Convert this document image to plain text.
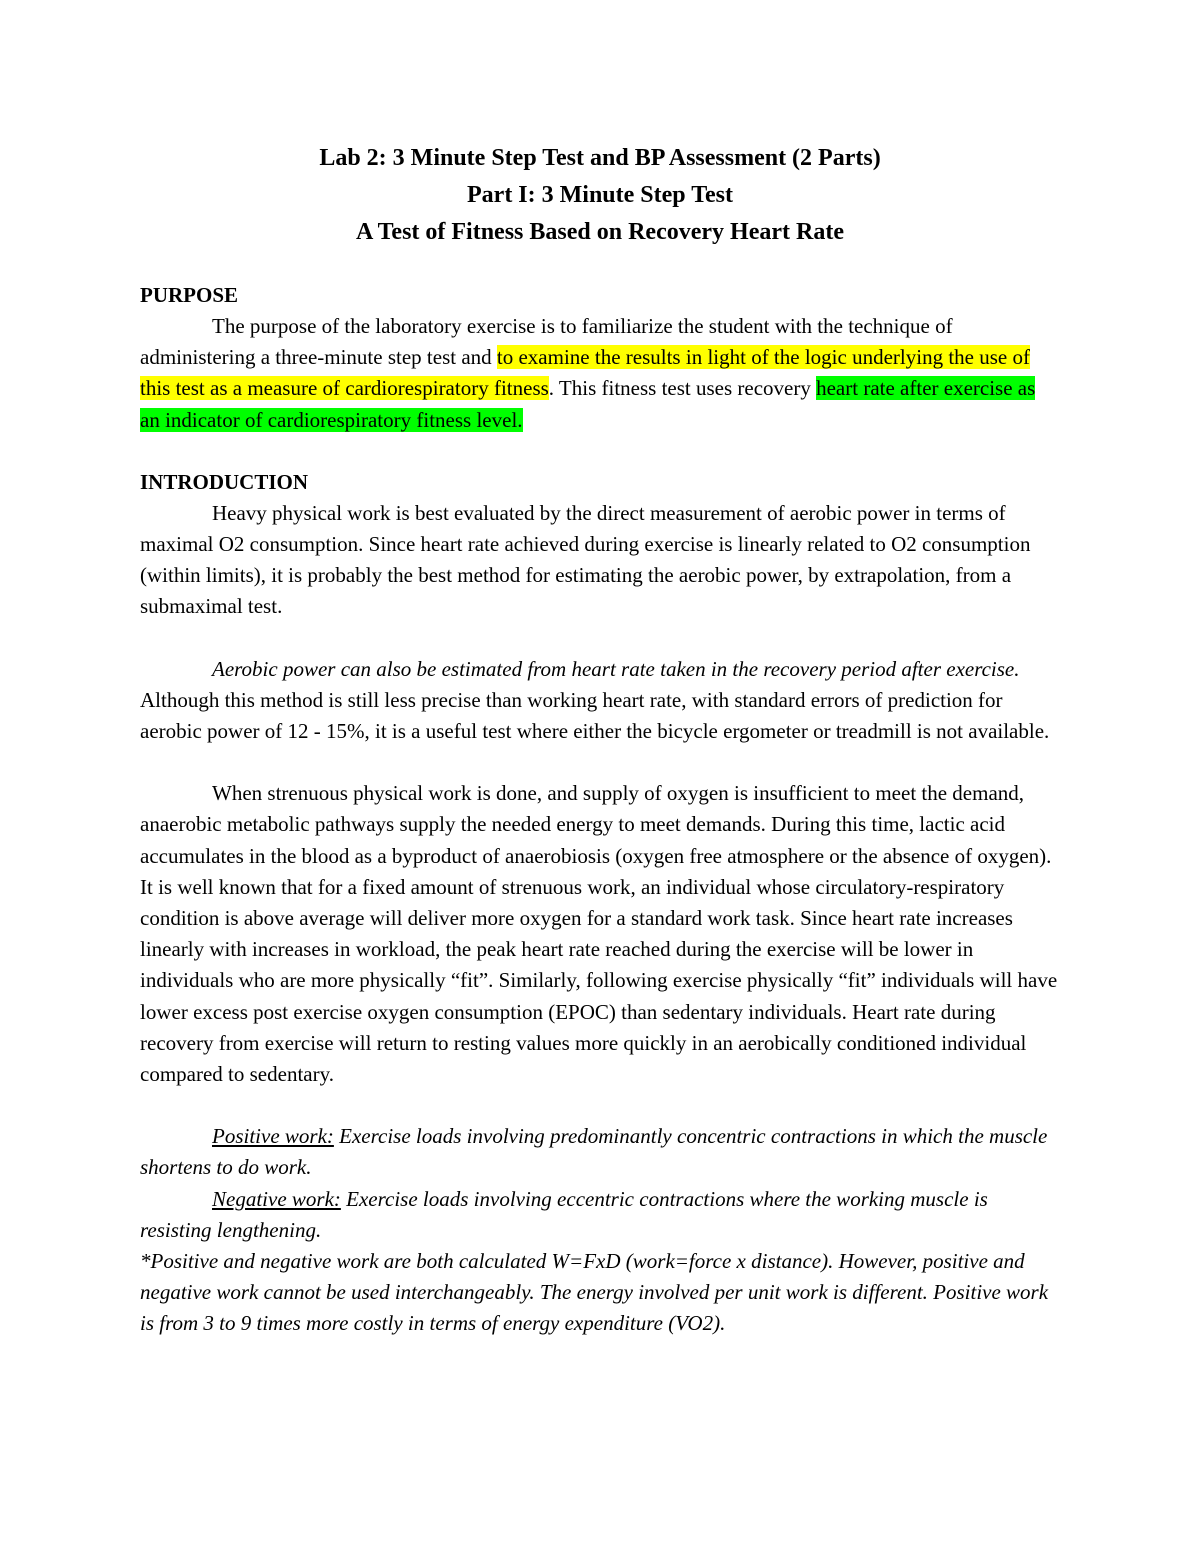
Lab 2: 3 Minute Step Test and BP Assessment (2 Parts)

Part I: 3 Minute Step Test

A Test of Fitness Based on Recovery Heart Rate

PURPOSE

The purpose of the laboratory exercise is to familiarize the student with the technique of administering a three-minute step test and to examine the results in light of the logic underlying the use of this test as a measure of cardiorespiratory fitness. This fitness test uses recovery heart rate after exercise as an indicator of cardiorespiratory fitness level.

INTRODUCTION

Heavy physical work is best evaluated by the direct measurement of aerobic power in terms of maximal O2 consumption. Since heart rate achieved during exercise is linearly related to O2 consumption (within limits), it is probably the best method for estimating the aerobic power, by extrapolation, from a submaximal test.

Aerobic power can also be estimated from heart rate taken in the recovery period after exercise. Although this method is still less precise than working heart rate, with standard errors of prediction for aerobic power of 12 - 15%, it is a useful test where either the bicycle ergometer or treadmill is not available.

When strenuous physical work is done, and supply of oxygen is insufficient to meet the demand, anaerobic metabolic pathways supply the needed energy to meet demands. During this time, lactic acid accumulates in the blood as a byproduct of anaerobiosis (oxygen free atmosphere or the absence of oxygen). It is well known that for a fixed amount of strenuous work, an individual whose circulatory-respiratory condition is above average will deliver more oxygen for a standard work task. Since heart rate increases linearly with increases in workload, the peak heart rate reached during the exercise will be lower in individuals who are more physically “fit”. Similarly, following exercise physically “fit” individuals will have lower excess post exercise oxygen consumption (EPOC) than sedentary individuals. Heart rate during recovery from exercise will return to resting values more quickly in an aerobically conditioned individual compared to sedentary.

Positive work: Exercise loads involving predominantly concentric contractions in which the muscle shortens to do work.

Negative work: Exercise loads involving eccentric contractions where the working muscle is resisting lengthening.

*Positive and negative work are both calculated W=FxD (work=force x distance). However, positive and negative work cannot be used interchangeably. The energy involved per unit work is different. Positive work is from 3 to 9 times more costly in terms of energy expenditure (VO2).
